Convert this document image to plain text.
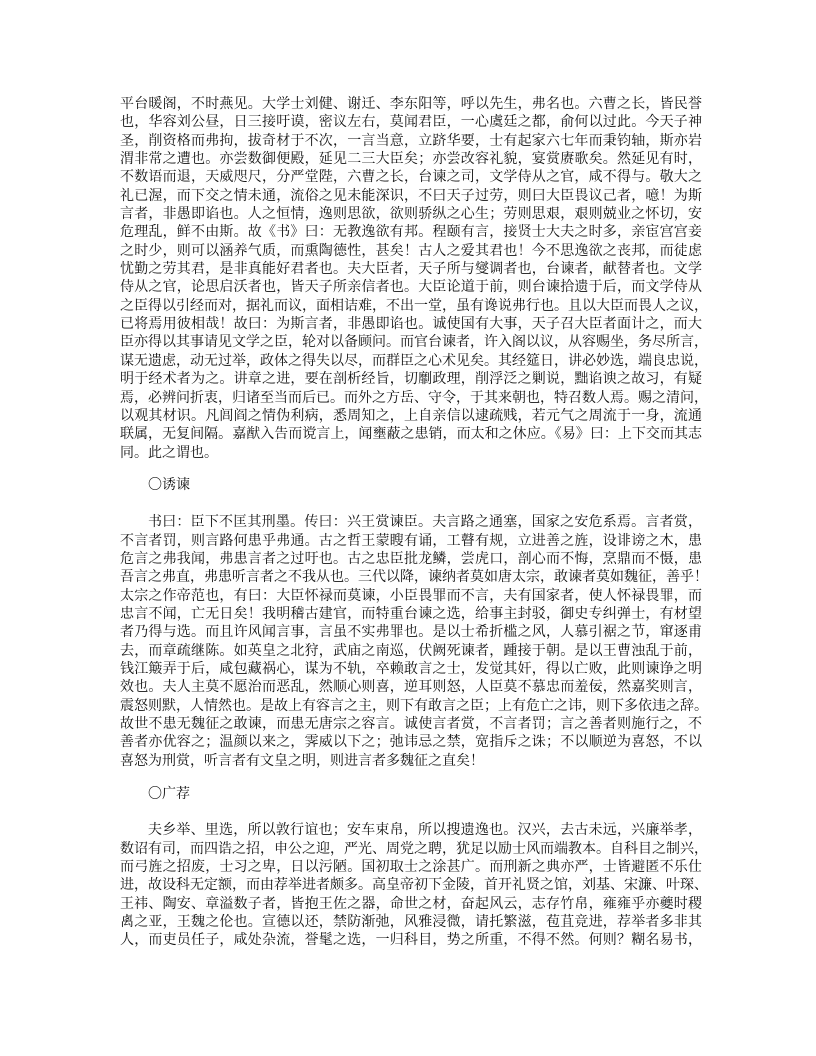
平台暖阁，不时燕见。大学士刘健、谢迁、李东阳等，呼以先生，弗名也。六曹之长，皆民誉
也，华容刘公昼，日三接吁谟，密议左右，莫闻君臣，一心虞廷之都，俞何以过此。今天子神
圣，削资格而弗拘，拔奇材于不次，一言当意，立跻华要，士有起家六七年而秉钧轴，斯亦岩
渭非常之遭也。亦尝数御便殿，延见二三大臣矣；亦尝改容礼貌，宴赏赓歌矣。然延见有时，
不数语而退，天威咫尺，分严堂陛，六曹之长，台谏之司，文学侍从之官，咸不得与。敬大之
礼已渥，而下交之情未通，流俗之见未能深识，不曰天子过劳，则曰大臣畏议己者，噫！为斯
言者，非愚即谄也。人之恒情，逸则思欲，欲则骄纵之心生；劳则思艰，艰则兢业之怀切，安
危理乱，鲜不由斯。故《书》曰：无教逸欲有邦。程颐有言，接贤士大夫之时多，亲宦宫宫妾
之时少，则可以涵养气质，而熏陶德性，甚矣！古人之爱其君也！今不思逸欲之丧邦，而徒虑
忧勤之劳其君，是非真能好君者也。夫大臣者，天子所与燮调者也，台谏者，献替者也。文学
侍从之官，论思启沃者也，皆天子所亲信者也。大臣论道于前，则台谏拾遗于后，而文学侍从
之臣得以引经而对，据礼而议，面相诘难，不出一堂，虽有谗说弗行也。且以大臣而畏人之议，
已将焉用彼相哉！故曰：为斯言者，非愚即谄也。诚使国有大事，天子召大臣者面计之，而大
臣亦得以其事请见文学之臣，轮对以备顾问。而官台谏者，许入阁以议，从容赐坐，务尽所言，
谋无遗虑，动无过举，政体之得失以尽，而群臣之心术见矣。其经筵日，讲必妙选，端良忠说，
明于经术者为之。讲章之进，要在剖析经旨，切劘政理，削浮泛之剿说，黜谄谀之故习，有疑
焉，必辨问折衷，归诸至当而后已。而外之方岳、守令，于其来朝也，特召数人焉。赐之清问，
以观其材识。凡闾阎之情伪利病，悉周知之，上自亲信以逮疏贱，若元气之周流于一身，流通
联属，无复间隔。嘉猷入告而谠言上，闻壅蔽之患销，而太和之休应。《易》曰：上下交而其志
同。此之谓也。
〇诱谏
书曰：臣下不匡其刑墨。传曰：兴王赏谏臣。夫言路之通塞，国家之安危系焉。言者赏，
不言者罚，则言路何患乎弗通。古之哲王蒙瞍有诵，工瞽有规，立进善之旌，设诽谤之木，患
危言之弗我闻，弗患言者之过吁也。古之忠臣批龙鳞，尝虎口，剖心而不悔，烹鼎而不慑，患
吾言之弗直，弗患听言者之不我从也。三代以降，谏纳者莫如唐太宗，敢谏者莫如魏征，善乎！
太宗之作帝范也，有曰：大臣怀禄而莫谏，小臣畏罪而不言，夫有国家者，使人怀禄畏罪，而
忠言不闻，亡无日矣！我明稽古建官，而特重台谏之选，给事主封驳，御史专纠弹士，有材望
者乃得与选。而且许风闻言事，言虽不实弗罪也。是以士希折槛之风，人慕引裾之节，窜逐甫
去，而章疏继陈。如英皇之北狩，武庙之南巡，伏阙死谏者，踵接于朝。是以王曹浊乱于前，
钱江簸弄于后，咸包藏祸心，谋为不轨，卒赖敢言之士，发觉其奸，得以亡败，此则谏诤之明
效也。夫人主莫不愿治而恶乱，然顺心则喜，逆耳则怒，人臣莫不慕忠而羞佞，然嘉奖则言，
震怒则默，人情然也。是故上有容言之主，则下有敢言之臣；上有危亡之讳，则下多依违之辞。
故世不患无魏征之敢谏，而患无唐宗之容言。诚使言者赏，不言者罚；言之善者则施行之，不
善者亦优容之；温颜以来之，霁威以下之；弛讳忌之禁，宽指斥之诛；不以顺逆为喜怒，不以
喜怒为刑赏，听言者有文皇之明，则进言者多魏征之直矣！
〇广荐
夫乡举、里选，所以敦行谊也；安车束帛，所以搜遗逸也。汉兴，去古未远，兴廉举孝，
数诏有司，而四诰之招，申公之迎，严光、周党之聘，犹足以励士风而端教本。自科目之制兴，
而弓旌之招废，士习之卑，日以污陋。国初取士之涂甚广。而刑新之典亦严，士皆避匿不乐仕
进，故设科无定额，而由荐举进者颇多。高皇帝初下金陵，首开礼贤之馆，刘基、宋濂、叶琛、
王祎、陶安、章溢数子者，皆抱王佐之器，命世之材，奋起风云，志存竹帛，雍雍乎亦夔时稷
禼之亚，王魏之伦也。宣德以还，禁防渐弛，风雅浸微，请托繁滋，苞苴竞进，荐举者多非其
人，而吏员任子，咸处杂流，誉髦之选，一归科目，势之所重，不得不然。何则？糊名易书，
